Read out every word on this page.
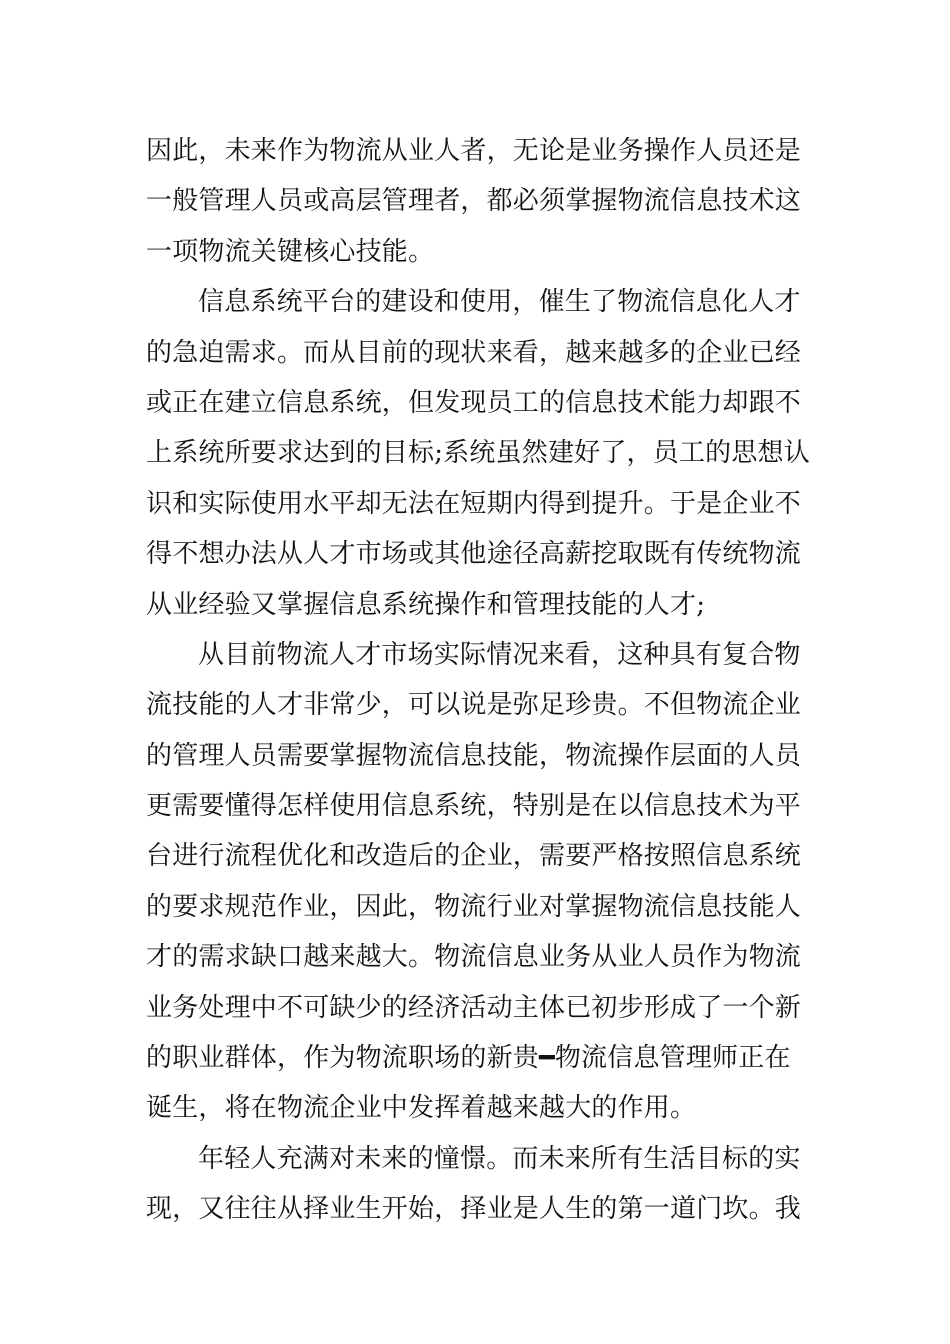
因此，未来作为物流从业人者，无论是业务操作人员还是
一般管理人员或高层管理者，都必须掌握物流信息技术这
一项物流关键核心技能。
信息系统平台的建设和使用，催生了物流信息化人才
的急迫需求。而从目前的现状来看，越来越多的企业已经
或正在建立信息系统，但发现员工的信息技术能力却跟不
上系统所要求达到的目标;系统虽然建好了，员工的思想认
识和实际使用水平却无法在短期内得到提升。于是企业不
得不想办法从人才市场或其他途径高薪挖取既有传统物流
从业经验又掌握信息系统操作和管理技能的人才;
从目前物流人才市场实际情况来看，这种具有复合物
流技能的人才非常少，可以说是弥足珍贵。不但物流企业
的管理人员需要掌握物流信息技能，物流操作层面的人员
更需要懂得怎样使用信息系统，特别是在以信息技术为平
台进行流程优化和改造后的企业，需要严格按照信息系统
的要求规范作业，因此，物流行业对掌握物流信息技能人
才的需求缺口越来越大。物流信息业务从业人员作为物流
业务处理中不可缺少的经济活动主体已初步形成了一个新
的职业群体，作为物流职场的新贵━物流信息管理师正在
诞生，将在物流企业中发挥着越来越大的作用。
年轻人充满对未来的憧憬。而未来所有生活目标的实
现，又往往从择业生开始，择业是人生的第一道门坎。我
